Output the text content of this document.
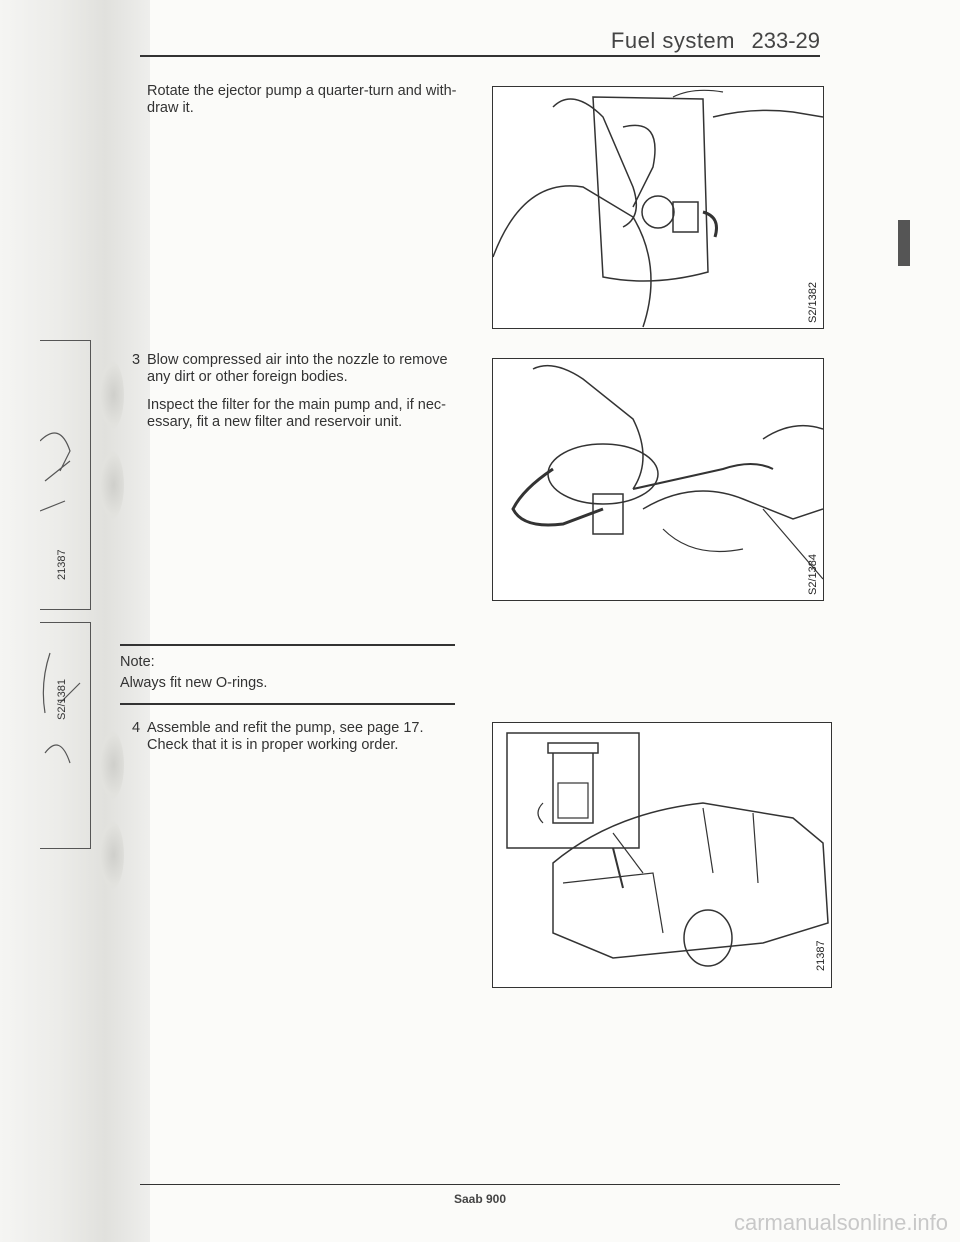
21387
S2/1381
Fuel system 233-29
Rotate the ejector pump a quarter-turn and with-
draw it.
S2/1382
3 Blow compressed air into the nozzle to remove
any dirt or other foreign bodies.
Inspect the filter for the main pump and, if nec-
essary, fit a new filter and reservoir unit.
S2/1384
Note:
Always fit new O-rings.
4 Assemble and refit the pump, see page 17.
Check that it is in proper working order.
21387
Saab 900
carmanualsonline.info
